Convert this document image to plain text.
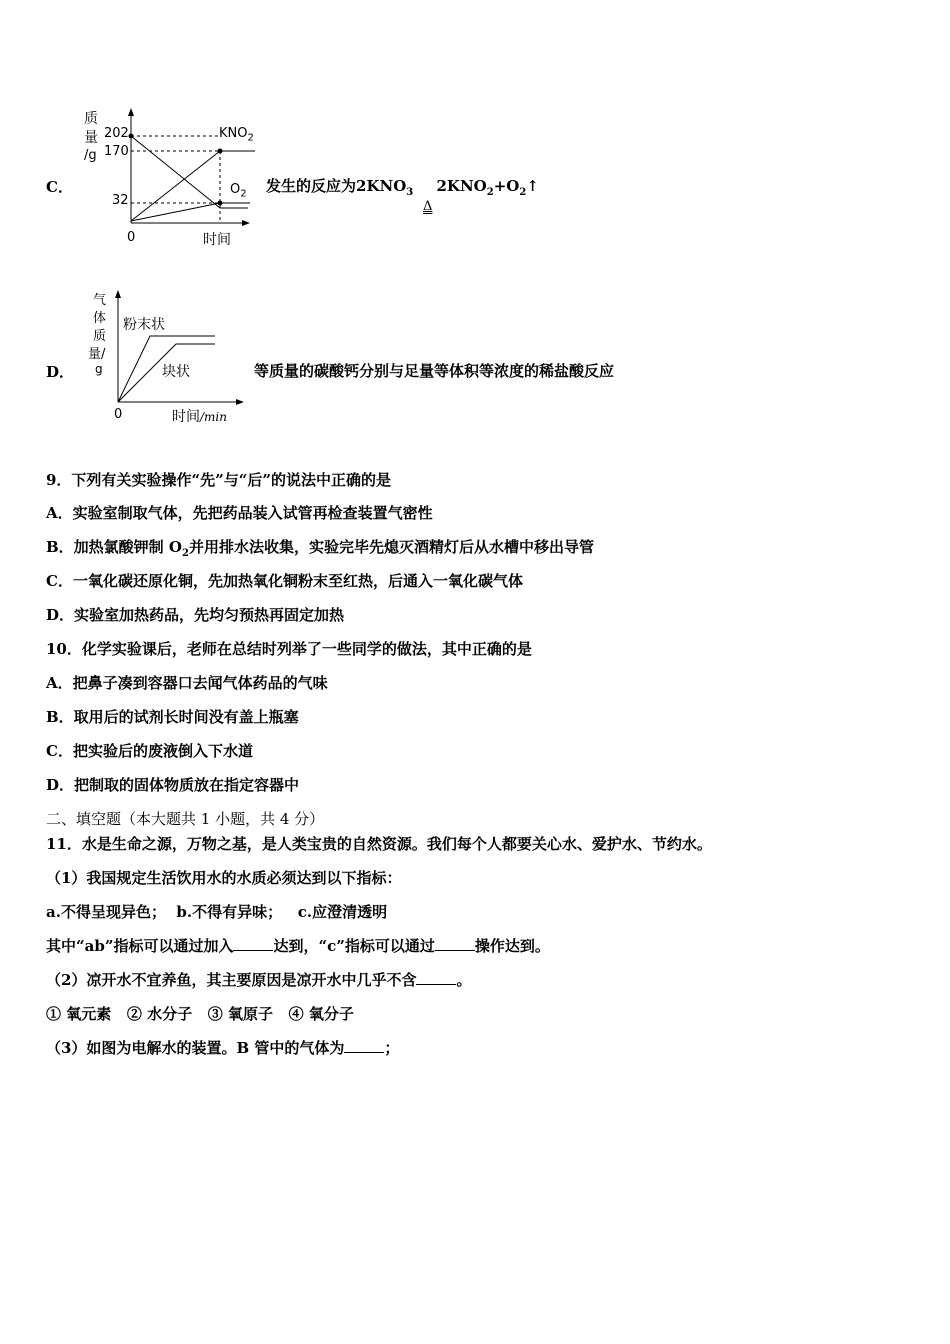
C．
质
量
/g
202
170
32
0	时间
$KNO_2$
$O_2$ 发生的反应为$2KNO_3$ $2KNO_2+O_2↑$
Δ
D．
气
体
质
量/
g
0	时间/min
粉末状
块状	等质量的碳酸钙分别与足量等体积等浓度的稀盐酸反应
9．下列有关实验操作“先”与“后”的说法中正确的是
A．实验室制取气体，先把药品装入试管再检查装置气密性
B．加热氯酸钾制 $O_2$并用排水法收集，实验完毕先熄灭酒精灯后从水槽中移出导管
C．一氧化碳还原化铜，先加热氧化铜粉末至红热，后通入一氧化碳气体
D．实验室加热药品，先均匀预热再固定加热
10．化学实验课后，老师在总结时列举了一些同学的做法，其中正确的是
A．把鼻子凑到容器口去闻气体药品的气味
B．取用后的试剂长时间没有盖上瓶塞
C．把实验后的废液倒入下水道
D．把制取的固体物质放在指定容器中
二、填空题（本大题共 1 小题，共 4 分）
11．水是生命之源，万物之基，是人类宝贵的自然资源。我们每个人都要关心水、爱护水、节约水。
（1）我国规定生活饮用水的水质必须达到以下指标：
a.不得呈现异色；  b.不得有异味；   c.应澄清透明
其中“ab”指标可以通过加入	达到，“c”指标可以通过	操作达到。
（2）凉开水不宜养鱼，其主要原因是凉开水中几乎不含	。
① 氧元素   ② 水分子   ③ 氧原子   ④ 氧分子
（3）如图为电解水的装置。B 管中的气体为	；
